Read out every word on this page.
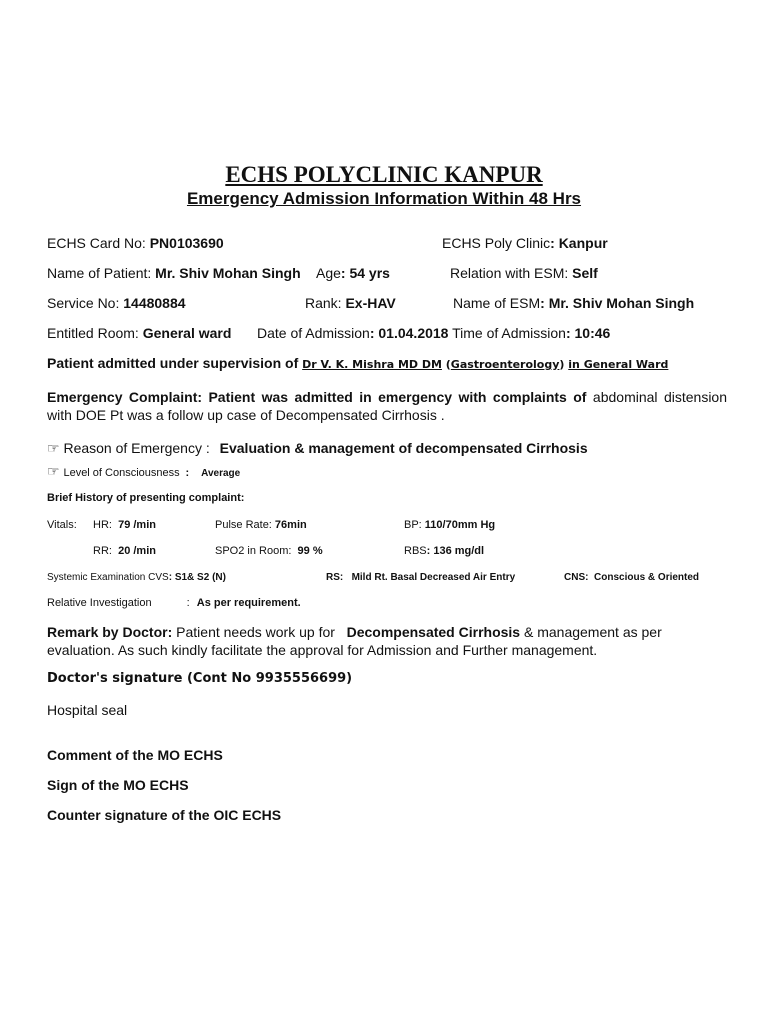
ECHS POLYCLINIC KANPUR
Emergency Admission Information Within 48 Hrs
ECHS Card No: PN0103690	ECHS Poly Clinic: Kanpur
Name of Patient: Mr. Shiv Mohan Singh Age: 54 yrs	Relation with ESM: Self
Service No: 14480884	Rank: Ex-HAV	Name of ESM: Mr. Shiv Mohan Singh
Entitled Room: General ward Date of Admission: 01.04.2018 Time of Admission: 10:46
Patient admitted under supervision of Dr V. K. Mishra MD DM (Gastroenterology) in General Ward
Emergency Complaint: Patient was admitted in emergency with complaints of abdominal distension with DOE Pt was a follow up case of Decompensated Cirrhosis .
☞ Reason of Emergency : Evaluation & management of decompensated Cirrhosis
☞ Level of Consciousness : Average
Brief History of presenting complaint:
Vitals: HR: 79 /min	Pulse Rate: 76min	BP: 110/70mm Hg
RR: 20 /min	SPO2 in Room: 99 %	RBS: 136 mg/dl
Systemic Examination CVS: S1& S2 (N)	RS: Mild Rt. Basal Decreased Air Entry	CNS: Conscious & Oriented
Relative Investigation	: As per requirement.
Remark by Doctor: Patient needs work up for   Decompensated Cirrhosis & management as per evaluation. As such kindly facilitate the approval for Admission and Further management.
Doctor's signature (Cont No 9935556699)
Hospital seal
Comment of the MO ECHS
Sign of the MO ECHS
Counter signature of the OIC ECHS
